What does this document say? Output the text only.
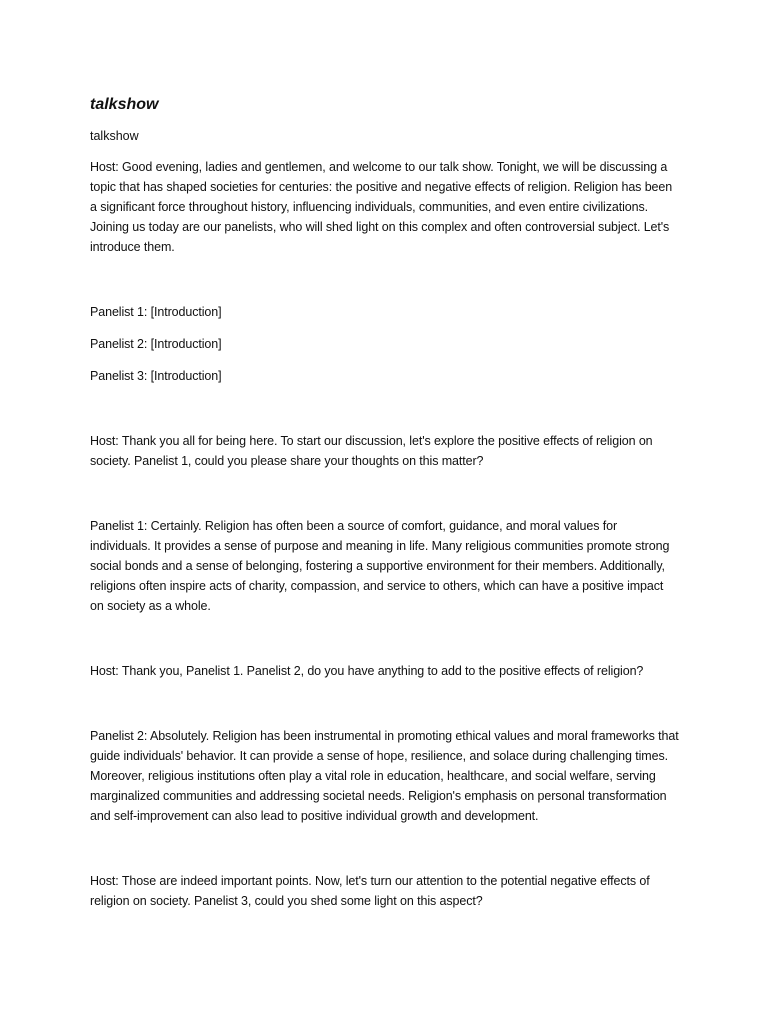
talkshow
talkshow

Host: Good evening, ladies and gentlemen, and welcome to our talk show. Tonight, we will be discussing a topic that has shaped societies for centuries: the positive and negative effects of religion. Religion has been a significant force throughout history, influencing individuals, communities, and even entire civilizations. Joining us today are our panelists, who will shed light on this complex and often controversial subject. Let's introduce them.

Panelist 1: [Introduction]

Panelist 2: [Introduction]

Panelist 3: [Introduction]

Host: Thank you all for being here. To start our discussion, let's explore the positive effects of religion on society. Panelist 1, could you please share your thoughts on this matter?

Panelist 1: Certainly. Religion has often been a source of comfort, guidance, and moral values for individuals. It provides a sense of purpose and meaning in life. Many religious communities promote strong social bonds and a sense of belonging, fostering a supportive environment for their members. Additionally, religions often inspire acts of charity, compassion, and service to others, which can have a positive impact on society as a whole.

Host: Thank you, Panelist 1. Panelist 2, do you have anything to add to the positive effects of religion?

Panelist 2: Absolutely. Religion has been instrumental in promoting ethical values and moral frameworks that guide individuals' behavior. It can provide a sense of hope, resilience, and solace during challenging times. Moreover, religious institutions often play a vital role in education, healthcare, and social welfare, serving marginalized communities and addressing societal needs. Religion's emphasis on personal transformation and self-improvement can also lead to positive individual growth and development.

Host: Those are indeed important points. Now, let's turn our attention to the potential negative effects of religion on society. Panelist 3, could you shed some light on this aspect?
